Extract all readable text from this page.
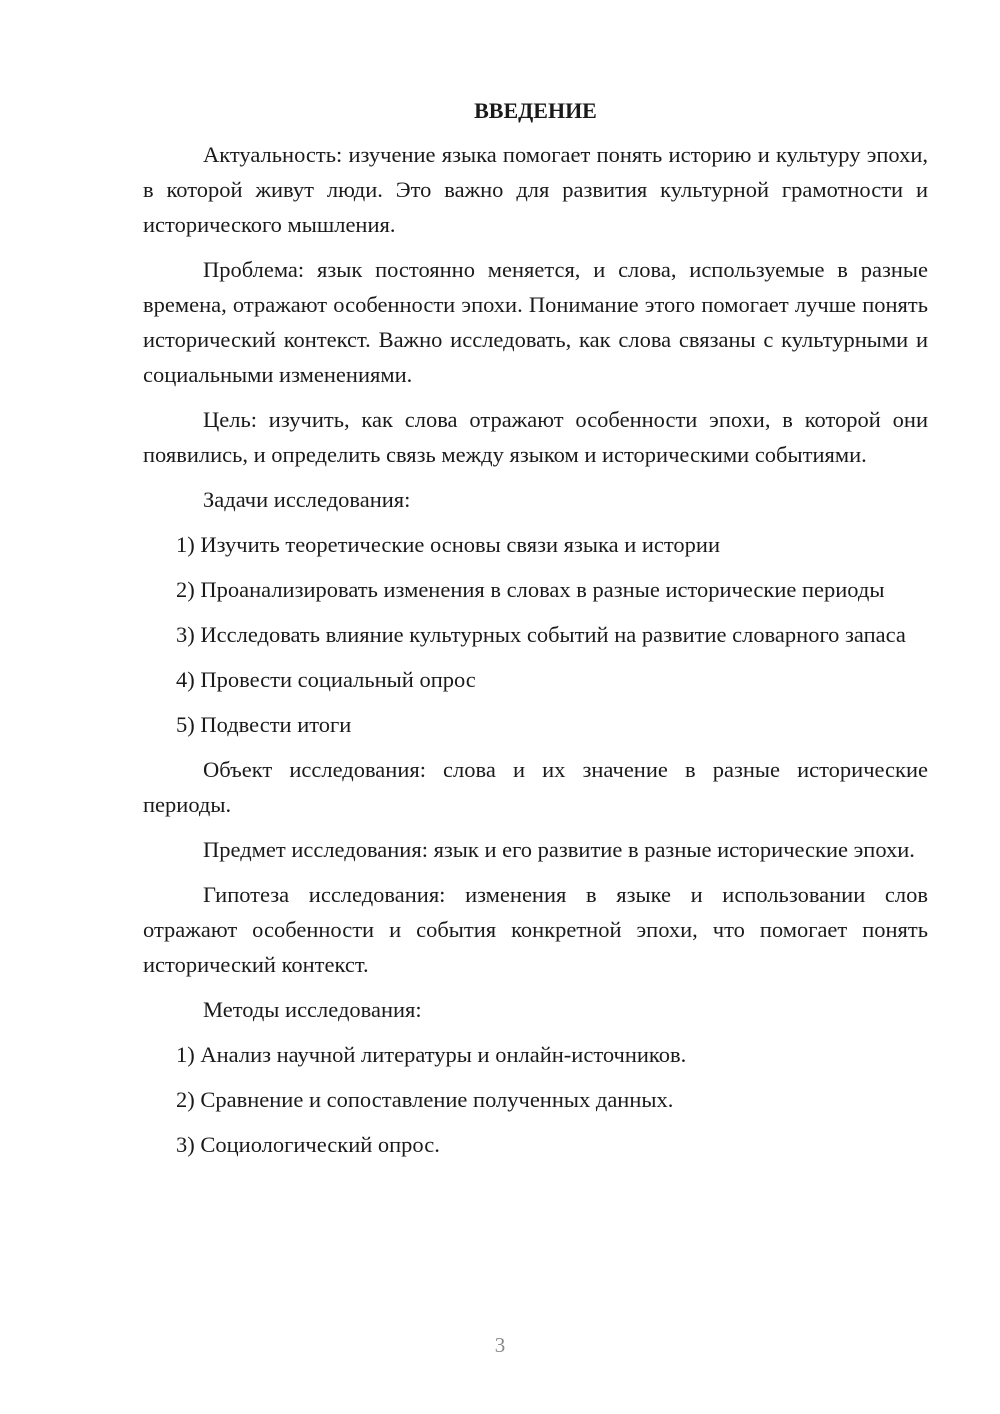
ВВЕДЕНИЕ
Актуальность: изучение языка помогает понять историю и культуру эпохи, в которой живут люди. Это важно для развития культурной грамотности и исторического мышления.
Проблема: язык постоянно меняется, и слова, используемые в разные времена, отражают особенности эпохи. Понимание этого помогает лучше понять исторический контекст. Важно исследовать, как слова связаны с культурными и социальными изменениями.
Цель: изучить, как слова отражают особенности эпохи, в которой они появились, и определить связь между языком и историческими событиями.
Задачи исследования:
1) Изучить теоретические основы связи языка и истории
2) Проанализировать изменения в словах в разные исторические периоды
3) Исследовать влияние культурных событий на развитие словарного запаса
4) Провести социальный опрос
5) Подвести итоги
Объект исследования: слова и их значение в разные исторические периоды.
Предмет исследования: язык и его развитие в разные исторические эпохи.
Гипотеза исследования: изменения в языке и использовании слов отражают особенности и события конкретной эпохи, что помогает понять исторический контекст.
Методы исследования:
1) Анализ научной литературы и онлайн-источников.
2) Сравнение и сопоставление полученных данных.
3) Социологический опрос.
3
